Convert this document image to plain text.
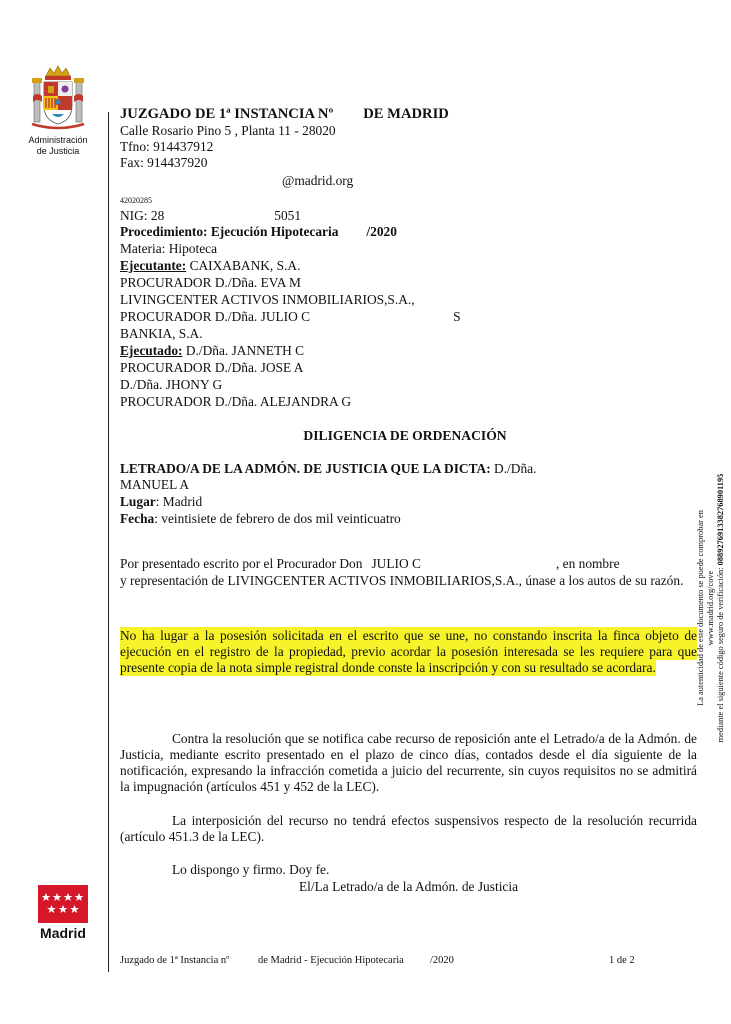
Administración
de Justicia
JUZGADO DE 1ª INSTANCIA Nº DE MADRID
Calle Rosario Pino 5 , Planta 11 - 28020
Tfno: 914437912
Fax: 914437920
@madrid.org
42020285
NIG: 28	5051
Procedimiento: Ejecución Hipotecaria /2020
Materia: Hipoteca
Ejecutante: CAIXABANK, S.A.
PROCURADOR D./Dña. EVA M
LIVINGCENTER ACTIVOS INMOBILIARIOS,S.A.,
PROCURADOR D./Dña. JULIO C	S
BANKIA, S.A.
Ejecutado: D./Dña. JANNETH C
PROCURADOR D./Dña. JOSE A
D./Dña. JHONY G
PROCURADOR D./Dña. ALEJANDRA G
DILIGENCIA DE ORDENACIÓN
LETRADO/A DE LA ADMÓN. DE JUSTICIA QUE LA DICTA: D./Dña.
MANUEL A
Lugar: Madrid
Fecha: veintisiete de febrero de dos mil veinticuatro
Por presentado escrito por el Procurador Don JULIO C	, en nombre
y representación de LIVINGCENTER ACTIVOS INMOBILIARIOS,S.A., únase a los autos de su razón.
No ha lugar a la posesión solicitada en el escrito que se une, no constando inscrita la finca objeto de ejecución en el registro de la propiedad, previo acordar la posesión interesada se les requiere para que presente copia de la nota simple registral donde conste la inscripción y con su resultado se acordara.
Contra la resolución que se notifica cabe recurso de reposición ante el Letrado/a de la Admón. de Justicia, mediante escrito presentado en el plazo de cinco días, contados desde el día siguiente de la notificación, expresando la infracción cometida a juicio del recurrente, sin cuyos requisitos no se admitirá la impugnación (artículos 451 y 452 de la LEC).
La interposición del recurso no tendrá efectos suspensivos respecto de la resolución recurrida (artículo 451.3 de la LEC).
Lo dispongo y firmo. Doy fe.
El/La Letrado/a de la Admón. de Justicia
La autenticidad de este documento se puede comprobar en www.madrid.org/cove mediante el siguiente código seguro de verificación: 0889276913382768901195
Madrid
Juzgado de 1ª Instancia nº	de Madrid - Ejecución Hipotecaria /2020	1 de 2
